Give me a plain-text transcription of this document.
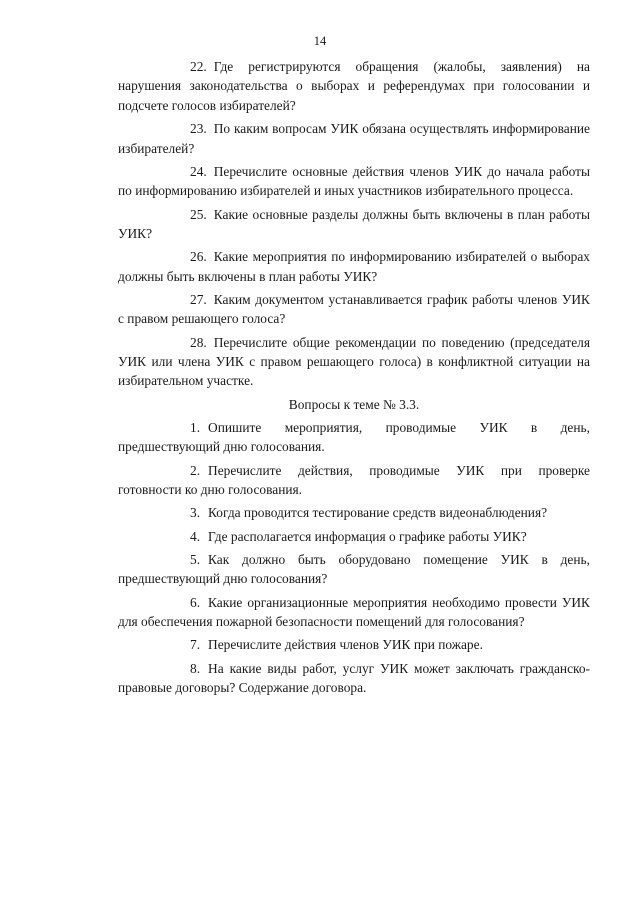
14

22. Где регистрируются обращения (жалобы, заявления) на нарушения законодательства о выборах и референдумах при голосовании и подсчете голосов избирателей?

23. По каким вопросам УИК обязана осуществлять информирование избирателей?

24. Перечислите основные действия членов УИК до начала работы по информированию избирателей и иных участников избирательного процесса.

25. Какие основные разделы должны быть включены в план работы УИК?

26. Какие мероприятия по информированию избирателей о выборах должны быть включены в план работы УИК?

27. Каким документом устанавливается график работы членов УИК с правом решающего голоса?

28. Перечислите общие рекомендации по поведению (председателя УИК или члена УИК с правом решающего голоса) в конфликтной ситуации на избирательном участке.

Вопросы к теме № 3.3.

1. Опишите мероприятия, проводимые УИК в день, предшествующий дню голосования.

2. Перечислите действия, проводимые УИК при проверке готовности ко дню голосования.

3. Когда проводится тестирование средств видеонаблюдения?

4. Где располагается информация о графике работы УИК?

5. Как должно быть оборудовано помещение УИК в день, предшествующий дню голосования?

6. Какие организационные мероприятия необходимо провести УИК для обеспечения пожарной безопасности помещений для голосования?

7. Перечислите действия членов УИК при пожаре.

8. На какие виды работ, услуг УИК может заключать гражданско-правовые договоры? Содержание договора.
